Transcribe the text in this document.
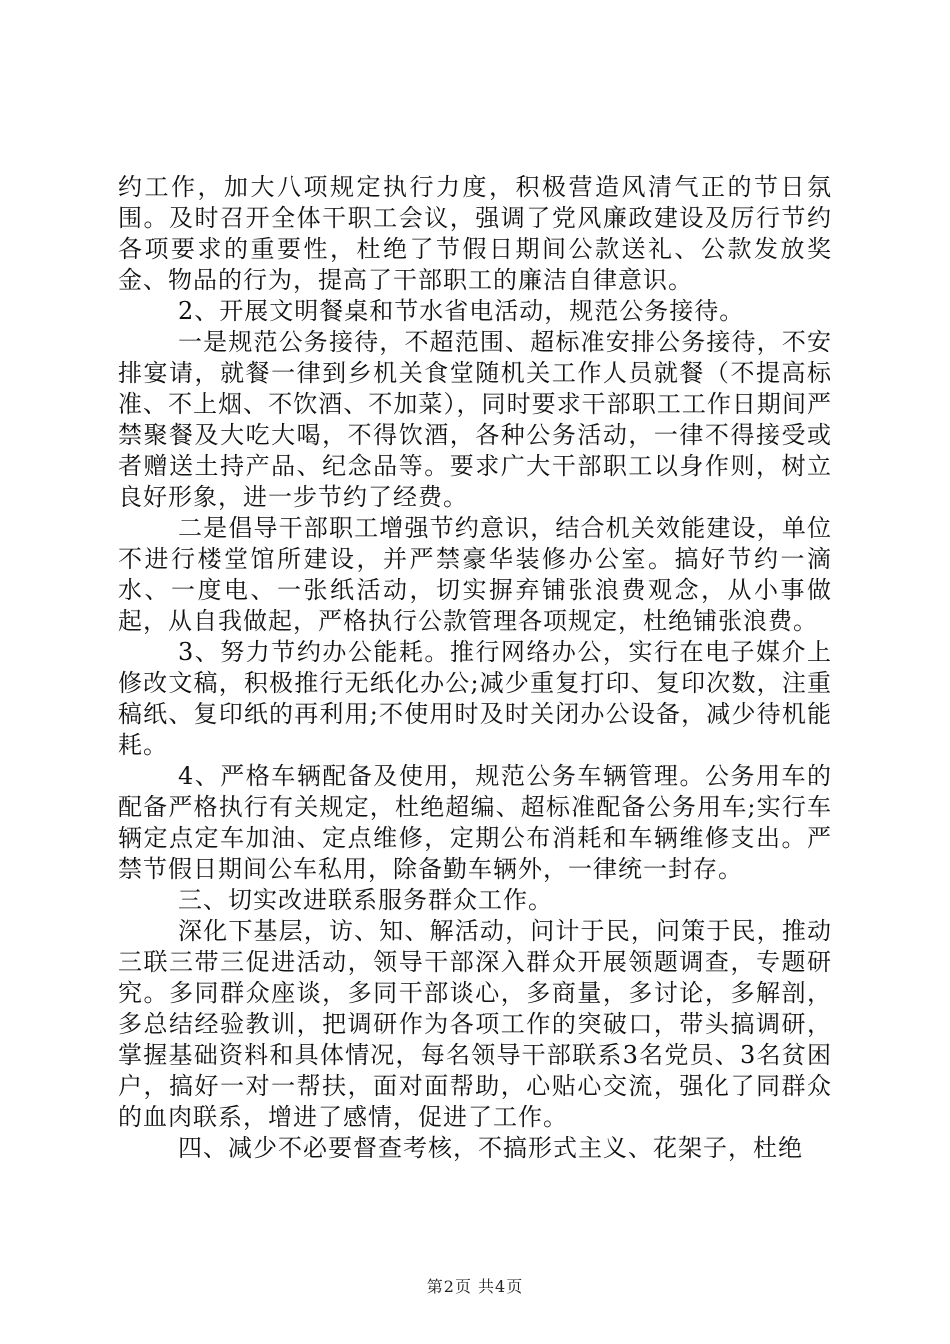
约工作，加大八项规定执行力度，积极营造风清气正的节日氛围。及时召开全体干职工会议，强调了党风廉政建设及厉行节约各项要求的重要性，杜绝了节假日期间公款送礼、公款发放奖金、物品的行为，提高了干部职工的廉洁自律意识。

2、开展文明餐桌和节水省电活动，规范公务接待。

一是规范公务接待，不超范围、超标准安排公务接待，不安排宴请，就餐一律到乡机关食堂随机关工作人员就餐（不提高标准、不上烟、不饮酒、不加菜），同时要求干部职工工作日期间严禁聚餐及大吃大喝，不得饮酒，各种公务活动，一律不得接受或者赠送土持产品、纪念品等。要求广大干部职工以身作则，树立良好形象，进一步节约了经费。

二是倡导干部职工增强节约意识，结合机关效能建设，单位不进行楼堂馆所建设，并严禁豪华装修办公室。搞好节约一滴水、一度电、一张纸活动，切实摒弃铺张浪费观念，从小事做起，从自我做起，严格执行公款管理各项规定，杜绝铺张浪费。

3、努力节约办公能耗。推行网络办公，实行在电子媒介上修改文稿，积极推行无纸化办公;减少重复打印、复印次数，注重稿纸、复印纸的再利用;不使用时及时关闭办公设备，减少待机能耗。

4、严格车辆配备及使用，规范公务车辆管理。公务用车的配备严格执行有关规定，杜绝超编、超标准配备公务用车;实行车辆定点定车加油、定点维修，定期公布消耗和车辆维修支出。严禁节假日期间公车私用，除备勤车辆外，一律统一封存。

三、切实改进联系服务群众工作。

深化下基层，访、知、解活动，问计于民，问策于民，推动三联三带三促进活动，领导干部深入群众开展领题调查，专题研究。多同群众座谈，多同干部谈心，多商量，多讨论，多解剖，多总结经验教训，把调研作为各项工作的突破口，带头搞调研，掌握基础资料和具体情况，每名领导干部联系3名党员、3名贫困户，搞好一对一帮扶，面对面帮助，心贴心交流，强化了同群众的血肉联系，增进了感情，促进了工作。

四、减少不必要督查考核，不搞形式主义、花架子，杜绝

第2页 共4页
